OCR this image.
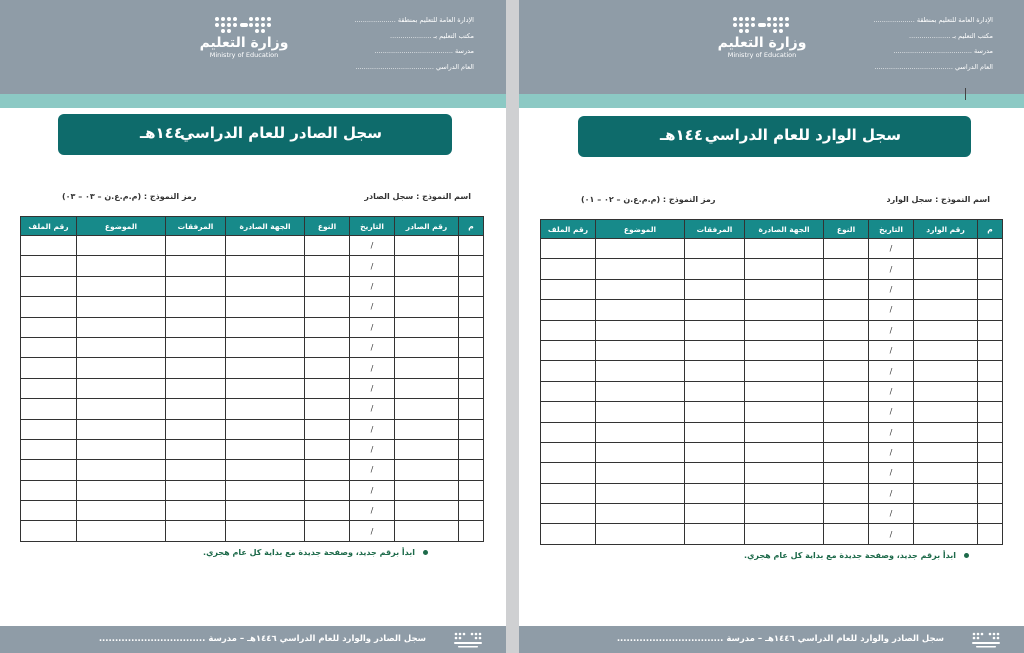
وزارة التعليم
Ministry of Education
الإدارة العامة للتعليم بمنطقة ....................
مكتب التعليم بـ ....................
مدرسة ......................................
العام الدراسي ......................................
سجل الصادر للعام الدراسي
١٤٤هـ
اسم النموذج : سجل الصادر
رمز النموذج : (م.م.ع.ن – ٠٣ – ٠٣)
م	رقم الصادر	التاريخ	النوع	الجهة الصادرة	المرفقات	الموضوع	رقم الملف
		/					
		/					
		/					
		/					
		/					
		/					
		/					
		/					
		/					
		/					
		/					
		/					
		/					
		/					
		/					
ابدأ برقم جديد، وصفحة جديدة مع بداية كل عام هجري.
سجل الصادر والوارد للعام الدراسي ١٤٤٦هـ – مدرسة .................................
وزارة التعليم
Ministry of Education
الإدارة العامة للتعليم بمنطقة ....................
مكتب التعليم بـ ....................
مدرسة ......................................
العام الدراسي ......................................
سجل الوارد للعام الدراسي
١٤٤هـ
اسم النموذج : سجل الوارد
رمز النموذج : (م.م.ع.ن – ٠٢ – ٠١)
م	رقم الوارد	التاريخ	النوع	الجهة الصادرة	المرفقات	الموضوع	رقم الملف
		/					
		/					
		/					
		/					
		/					
		/					
		/					
		/					
		/					
		/					
		/					
		/					
		/					
		/					
		/					
ابدأ برقم جديد، وصفحة جديدة مع بداية كل عام هجري.
سجل الصادر والوارد للعام الدراسي ١٤٤٦هـ – مدرسة .................................
